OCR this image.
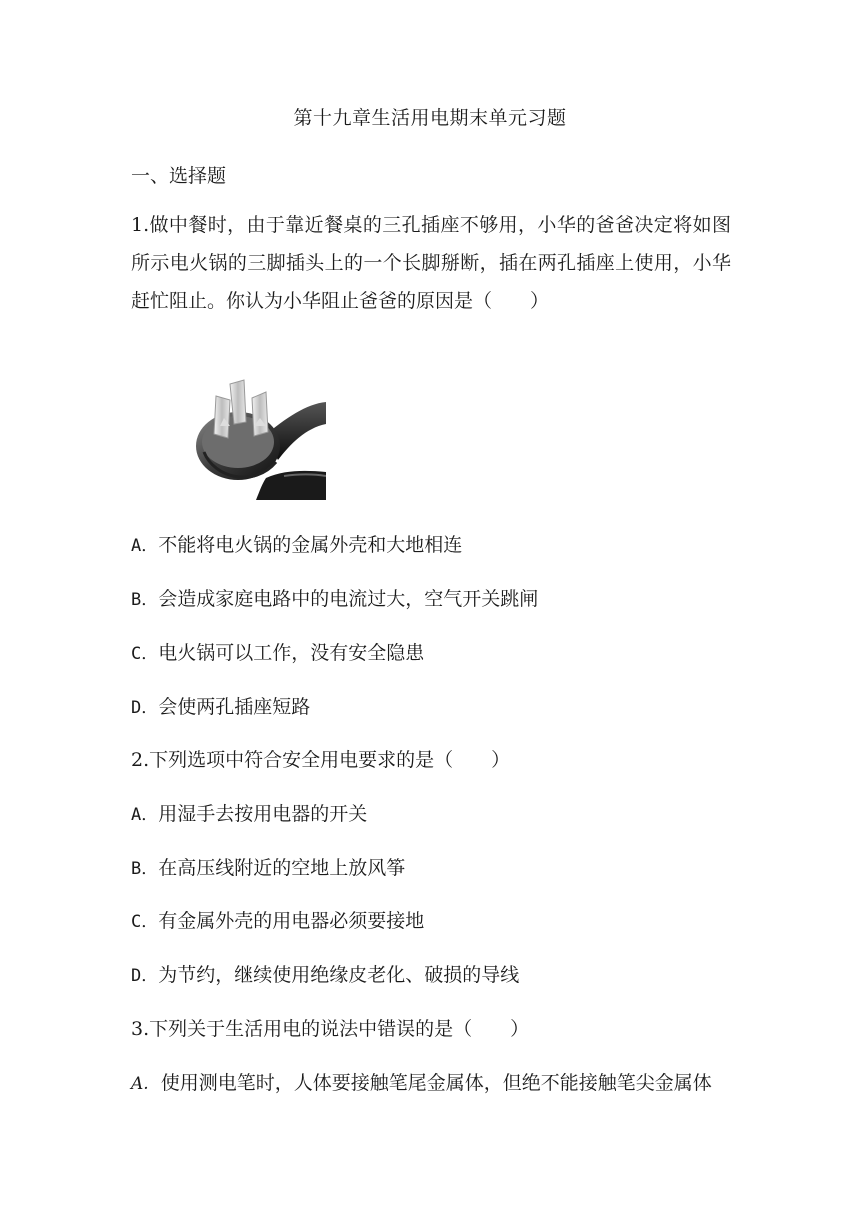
第十九章生活用电期末单元习题
一、选择题
1.做中餐时，由于靠近餐桌的三孔插座不够用，小华的爸爸决定将如图所示电火锅的三脚插头上的一个长脚掰断，插在两孔插座上使用，小华赶忙阻止。你认为小华阻止爸爸的原因是（　　）
A．不能将电火锅的金属外壳和大地相连
B．会造成家庭电路中的电流过大，空气开关跳闸
C．电火锅可以工作，没有安全隐患
D．会使两孔插座短路
2.下列选项中符合安全用电要求的是（　　）
A．用湿手去按用电器的开关
B．在高压线附近的空地上放风筝
C．有金属外壳的用电器必须要接地
D．为节约，继续使用绝缘皮老化、破损的导线
3.下列关于生活用电的说法中错误的是（　　）
A. 使用测电笔时，人体要接触笔尾金属体，但绝不能接触笔尖金属体
